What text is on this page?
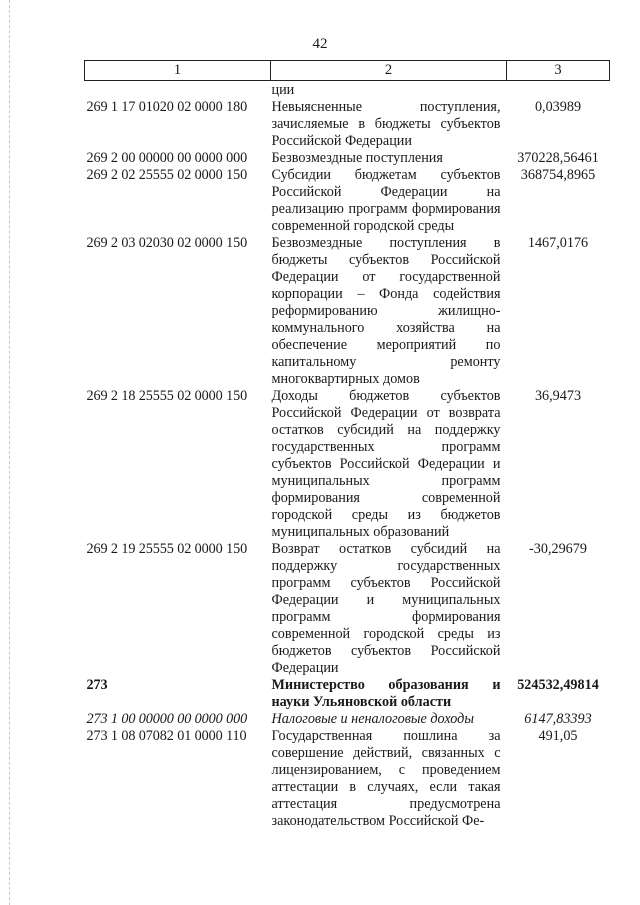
42
1	2	3
	ции	
269 1 17 01020 02 0000 180	Невыясненные поступления, зачисляемые в бюджеты субъектов Российской Федерации	0,03989
269 2 00 00000 00 0000 000	Безвозмездные поступления	370228,56461
269 2 02 25555 02 0000 150	Субсидии бюджетам субъектов Российской Федерации на реализацию программ формирования современной городской среды	368754,8965
269 2 03 02030 02 0000 150	Безвозмездные поступления в бюджеты субъектов Российской Федерации от государственной корпорации – Фонда содействия реформированию жилищно-коммунального хозяйства на обеспечение мероприятий по капитальному ремонту многоквартирных домов	1467,0176
269 2 18 25555 02 0000 150	Доходы бюджетов субъектов Российской Федерации от возврата остатков субсидий на поддержку государственных программ субъектов Российской Федерации и муниципальных программ формирования современной городской среды из бюджетов муниципальных образований	36,9473
269 2 19 25555 02 0000 150	Возврат остатков субсидий на поддержку государственных программ субъектов Российской Федерации и муниципальных программ формирования современной городской среды из бюджетов субъектов Российской Федерации	-30,29679
273	Министерство образования и науки Ульяновской области	524532,49814
273 1 00 00000 00 0000 000	Налоговые и неналоговые доходы	6147,83393
273 1 08 07082 01 0000 110	Государственная пошлина за совершение действий, связанных с лицензированием, с проведением аттестации в случаях, если такая аттестация предусмотрена законодательством Российской Фе-	491,05
